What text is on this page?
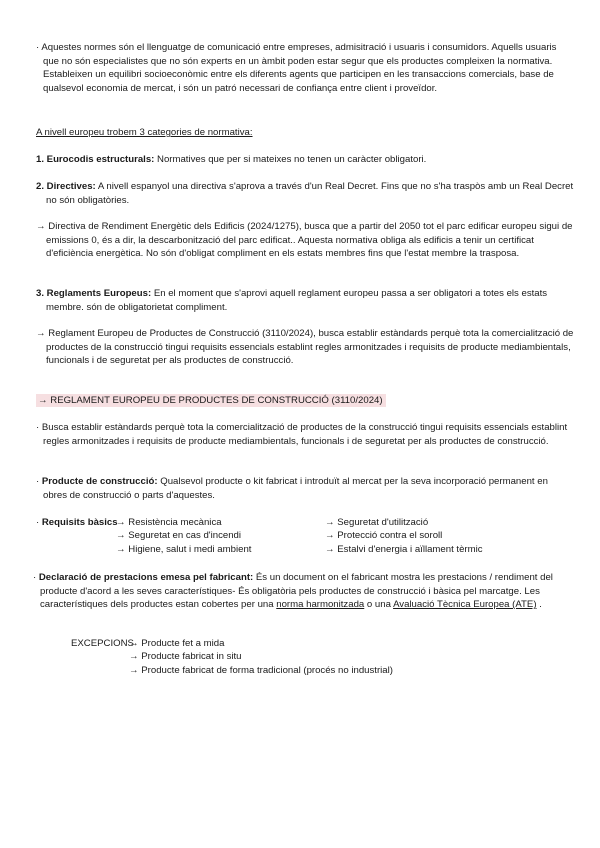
· Aquestes normes són el llenguatge de comunicació entre empreses, admisitració i usuaris i consumidors. Aquells usuaris que no són especialistes que no són experts en un àmbit poden estar segur que els productes compleixen la normativa. Estableixen un equilibri socioeconòmic entre els diferents agents que participen en les transaccions comercials, base de qualsevol economia de mercat, i són un patró necessari de confiança entre client i proveïdor.

A nivell europeu trobem 3 categories de normativa:

1. Eurocodis estructurals: Normatives que per si mateixes no tenen un caràcter obligatori.

2. Directives: A nivell espanyol una directiva s'aprova a través d'un Real Decret. Fins que no s'ha traspòs amb un Real Decret no són obligatòries.

→ Directiva de Rendiment Energètic dels Edificis (2024/1275), busca que a partir del 2050 tot el parc edificar europeu sigui de emissions 0, és a dir, la descarbonització del parc edificat.. Aquesta normativa obliga als edificis a tenir un certificat d'eficiència energètica. No són d'obligat compliment en els estats membres fins que l'estat membre la trasposa.

3. Reglaments Europeus: En el moment que s'aprovi aquell reglament europeu passa a ser obligatori a totes els estats membre. són de obligatorietat compliment.

→ Reglament Europeu de Productes de Construcció (3110/2024), busca establir estàndards perquè tota la comercialització de productes de la construcció tingui requisits essencials establint regles armonitzades i requisits de producte mediambientals, funcionals i de seguretat per als productes de construcció.

→ REGLAMENT EUROPEU DE PRODUCTES DE CONSTRUCCIÓ (3110/2024)

· Busca establir estàndards perquè tota la comercialització de productes de la construcció tingui requisits essencials establint regles armonitzades i requisits de producte mediambientals, funcionals i de seguretat per als productes de construcció.

· Producte de construcció: Qualsevol producte o kit fabricat i introduït al mercat per la seva incorporació permanent en obres de construcció o parts d'aquestes.

· Requisits bàsics
→ Resistència mecànica	→ Seguretat d'utilització
→ Seguretat en cas d'incendi	→ Protecció contra el soroll
→ Higiene, salut i medi ambient	→ Estalvi d'energia i aïllament tèrmic

· Declaració de prestacions emesa pel fabricant: És un document on el fabricant mostra les prestacions / rendiment del producte d'acord a les seves característiques- És obligatòria pels productes de construcció i bàsica pel marcatge. Les característiques dels productes estan cobertes per una norma harmonitzada o una Avaluació Tècnica Europea (ATE) .

EXCEPCIONS
→ Producte fet a mida
→ Producte fabricat in situ
→ Producte fabricat de forma tradicional (procés no industrial)
